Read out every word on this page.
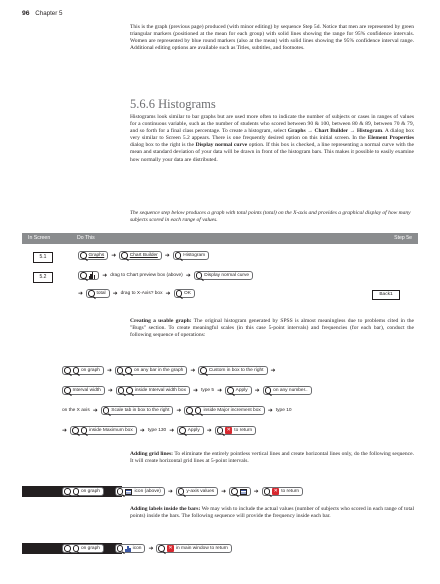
96 Chapter 5
This is the graph (previous page) produced (with minor editing) by sequence Step 5d. Notice that men are represented by green triangular markers (positioned at the mean for each group) with solid lines showing the range for 95% confidence intervals. Women are represented by blue round markers (also at the mean) with solid lines showing the 95% confidence interval range. Additional editing options are available such as Titles, subtitles, and footnotes.
5.6.6 Histograms
Histograms look similar to bar graphs but are used more often to indicate the number of subjects or cases in ranges of values for a continuous variable, such as the number of students who scored between 90 & 100, between 80 & 89, between 70 & 79, and so forth for a final class percentage. To create a histogram, select Graphs → Chart Builder → Histogram. A dialog box very similar to Screen 5.2 appears. There is one frequently desired option on this initial screen. In the Element Properties dialog box to the right is the Display normal curve option. If this box is checked, a line representing a normal curve with the mean and standard deviation of your data will be drawn in front of the histogram bars. This makes it possible to easily examine how normally your data are distributed.
The sequence step below produces a graph with total points (total) on the X-axis and provides a graphical display of how many subjects scored in each range of values.
In Screen	Do This	Step 5e
5.1	Graphs ➜	Chart Builder ➜	Histogram
5.2	➜ drag to Chart preview box (above) ➜	Display normal curve
➜	total ➜ drag to X-Axis? box ➜	OK	Back1
Creating a usable graph: The original histogram generated by SPSS is almost meaningless due to problems cited in the "Bugs" section. To create meaningful scales (in this case 5-point intervals) and frequencies (for each bar), conduct the following sequence of operations:
on graph ➜	on any bar in the graph ➜	Custom in box to the right ➜
Interval width ➜	inside Interval width box ➜ type 5 ➜	Apply ➜	on any number..
on the X axis ➜	Scale tab in box to the right ➜	inside Major increment box ➜ type 10
➜	inside Maximum box ➜ type 130 ➜	Apply ➜	✕ to return
Adding grid lines: To eliminate the entirely pointless vertical lines and create horizontal lines only, do the following sequence. It will create horizontal grid lines at 5-point intervals.
on graph ➜	icon (above) ➜	y-axis values ➜	➜	✕ to return
Adding labels inside the bars: We may wish to include the actual values (number of subjects who scored in each range of total points) inside the bars. The following sequence will provide the frequency inside each bar.
on graph ➜	icon ➜	✕ in main window to return
